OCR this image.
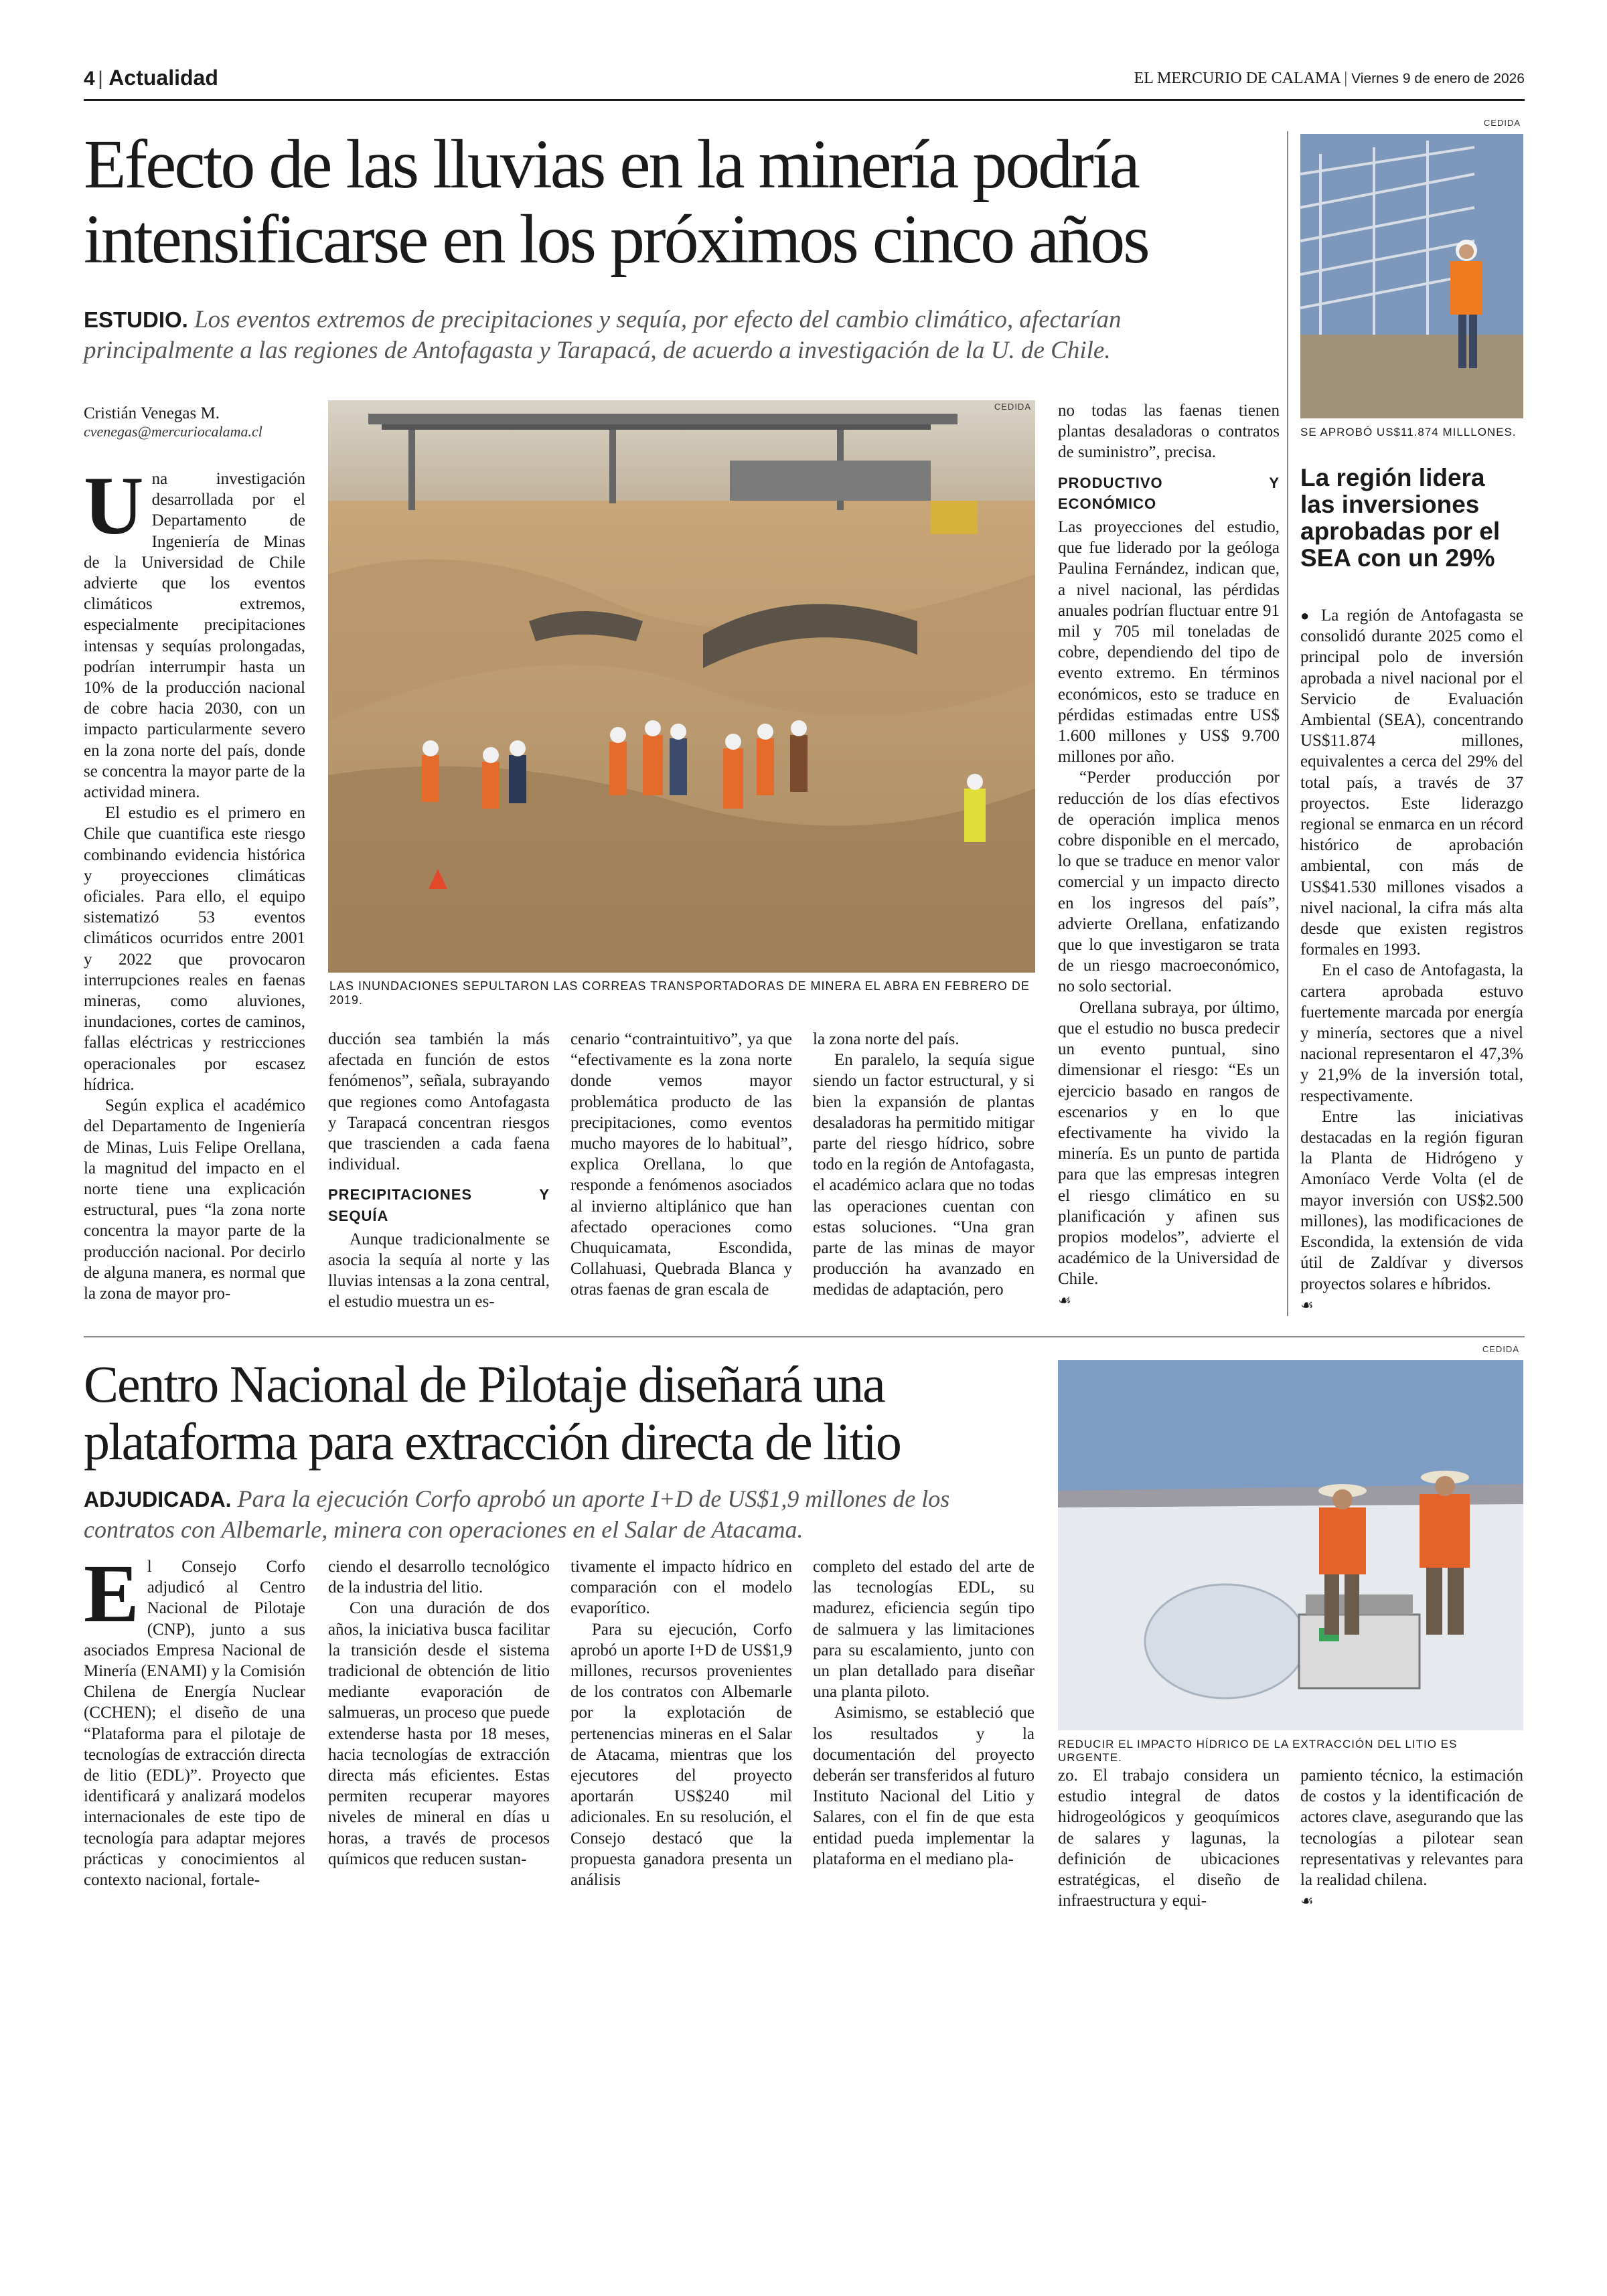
4 | Actualidad	EL MERCURIO DE CALAMA | Viernes 9 de enero de 2026
Efecto de las lluvias en la minería podría
intensificarse en los próximos cinco años
ESTUDIO. Los eventos extremos de precipitaciones y sequía, por efecto del cambio climático, afectarían principalmente a las regiones de Antofagasta y Tarapacá, de acuerdo a investigación de la U. de Chile.
Cristián Venegas M.
cvenegas@mercuriocalama.cl
CEDIDA
LAS INUNDACIONES SEPULTARON LAS CORREAS TRANSPORTADORAS DE MINERA EL ABRA EN FEBRERO DE 2019.
U na investigación desarrollada por el Departamento de Ingeniería de Minas de la Universidad de Chile advierte que los eventos climáticos extremos, especialmente precipitaciones intensas y sequías prolongadas, podrían interrumpir hasta un 10% de la producción nacional de cobre hacia 2030, con un impacto particularmente severo en la zona norte del país, donde se concentra la mayor parte de la actividad minera.

El estudio es el primero en Chile que cuantifica este riesgo combinando evidencia histórica y proyecciones climáticas oficiales. Para ello, el equipo sistematizó 53 eventos climáticos ocurridos entre 2001 y 2022 que provocaron interrupciones reales en faenas mineras, como aluviones, inundaciones, cortes de caminos, fallas eléctricas y restricciones operacionales por escasez hídrica.

Según explica el académico del Departamento de Ingeniería de Minas, Luis Felipe Orellana, la magnitud del impacto en el norte tiene una explicación estructural, pues “la zona norte concentra la mayor parte de la producción nacional. Por decirlo de alguna manera, es normal que la zona de mayor pro-

ducción sea también la más afectada en función de estos fenómenos”, señala, subrayando que regiones como Antofagasta y Tarapacá concentran riesgos que trascienden a cada faena individual.

PRECIPITACIONES Y SEQUÍA

Aunque tradicionalmente se asocia la sequía al norte y las lluvias intensas a la zona central, el estudio muestra un es-

cenario “contraintuitivo”, ya que “efectivamente es la zona norte donde vemos mayor problemática producto de las precipitaciones, como eventos mucho mayores de lo habitual”, explica Orellana, lo que responde a fenómenos asociados al invierno altiplánico que han afectado operaciones como Chuquicamata, Escondida, Collahuasi, Quebrada Blanca y otras faenas de gran escala de

la zona norte del país.

En paralelo, la sequía sigue siendo un factor estructural, y si bien la expansión de plantas desaladoras ha permitido mitigar parte del riesgo hídrico, sobre todo en la región de Antofagasta, el académico aclara que no todas las operaciones cuentan con estas soluciones. “Una gran parte de las minas de mayor producción ha avanzado en medidas de adaptación, pero

no todas las faenas tienen plantas desaladoras o contratos de suministro”, precisa.

PRODUCTIVO Y ECONÓMICO

Las proyecciones del estudio, que fue liderado por la geóloga Paulina Fernández, indican que, a nivel nacional, las pérdidas anuales podrían fluctuar entre 91 mil y 705 mil toneladas de cobre, dependiendo del tipo de evento extremo. En términos económicos, esto se traduce en pérdidas estimadas entre US$ 1.600 millones y US$ 9.700 millones por año.

“Perder producción por reducción de los días efectivos de operación implica menos cobre disponible en el mercado, lo que se traduce en menor valor comercial y un impacto directo en los ingresos del país”, advierte Orellana, enfatizando que lo que investigaron se trata de un riesgo macroeconómico, no solo sectorial.

Orellana subraya, por último, que el estudio no busca predecir un evento puntual, sino dimensionar el riesgo: “Es un ejercicio basado en rangos de escenarios y en lo que efectivamente ha vivido la minería. Es un punto de partida para que las empresas integren el riesgo climático en su planificación y afinen sus propios modelos”, advierte el académico de la Universidad de Chile.

☙
CEDIDA
SE APROBÓ US$11.874 MILLLONES.
La región lidera las inversiones aprobadas por el SEA con un 29%

● La región de Antofagasta se consolidó durante 2025 como el principal polo de inversión aprobada a nivel nacional por el Servicio de Evaluación Ambiental (SEA), concentrando US$11.874 millones, equivalentes a cerca del 29% del total país, a través de 37 proyectos. Este liderazgo regional se enmarca en un récord histórico de aprobación ambiental, con más de US$41.530 millones visados a nivel nacional, la cifra más alta desde que existen registros formales en 1993.

En el caso de Antofagasta, la cartera aprobada estuvo fuertemente marcada por energía y minería, sectores que a nivel nacional representaron el 47,3% y 21,9% de la inversión total, respectivamente.

Entre las iniciativas destacadas en la región figuran la Planta de Hidrógeno y Amoníaco Verde Volta (el de mayor inversión con US$2.500 millones), las modificaciones de Escondida, la extensión de vida útil de Zaldívar y diversos proyectos solares e híbridos.

☙
Centro Nacional de Pilotaje diseñará una
plataforma para extracción directa de litio
ADJUDICADA. Para la ejecución Corfo aprobó un aporte I+D de US$1,9 millones de los contratos con Albemarle, minera con operaciones en el Salar de Atacama.
CEDIDA
REDUCIR EL IMPACTO HÍDRICO DE LA EXTRACCIÓN DEL LITIO ES URGENTE.
E l Consejo Corfo adjudicó al Centro Nacional de Pilotaje (CNP), junto a sus asociados Empresa Nacional de Minería (ENAMI) y la Comisión Chilena de Energía Nuclear (CCHEN); el diseño de una “Plataforma para el pilotaje de tecnologías de extracción directa de litio (EDL)”. Proyecto que identificará y analizará modelos internacionales de este tipo de tecnología para adaptar mejores prácticas y conocimientos al contexto nacional, fortale-

ciendo el desarrollo tecnológico de la industria del litio.

Con una duración de dos años, la iniciativa busca facilitar la transición desde el sistema tradicional de obtención de litio mediante evaporación de salmueras, un proceso que puede extenderse hasta por 18 meses, hacia tecnologías de extracción directa más eficientes. Estas permiten recuperar mayores niveles de mineral en días u horas, a través de procesos químicos que reducen sustan-

tivamente el impacto hídrico en comparación con el modelo evaporítico.

Para su ejecución, Corfo aprobó un aporte I+D de US$1,9 millones, recursos provenientes de los contratos con Albemarle por la explotación de pertenencias mineras en el Salar de Atacama, mientras que los ejecutores del proyecto aportarán US$240 mil adicionales. En su resolución, el Consejo destacó que la propuesta ganadora presenta un análisis

completo del estado del arte de las tecnologías EDL, su madurez, eficiencia según tipo de salmuera y las limitaciones para su escalamiento, junto con un plan detallado para diseñar una planta piloto.

Asimismo, se estableció que los resultados y la documentación del proyecto deberán ser transferidos al futuro Instituto Nacional del Litio y Salares, con el fin de que esta entidad pueda implementar la plataforma en el mediano pla-

zo. El trabajo considera un estudio integral de datos hidrogeológicos y geoquímicos de salares y lagunas, la definición de ubicaciones estratégicas, el diseño de infraestructura y equi-

pamiento técnico, la estimación de costos y la identificación de actores clave, asegurando que las tecnologías a pilotear sean representativas y relevantes para la realidad chilena.

☙
